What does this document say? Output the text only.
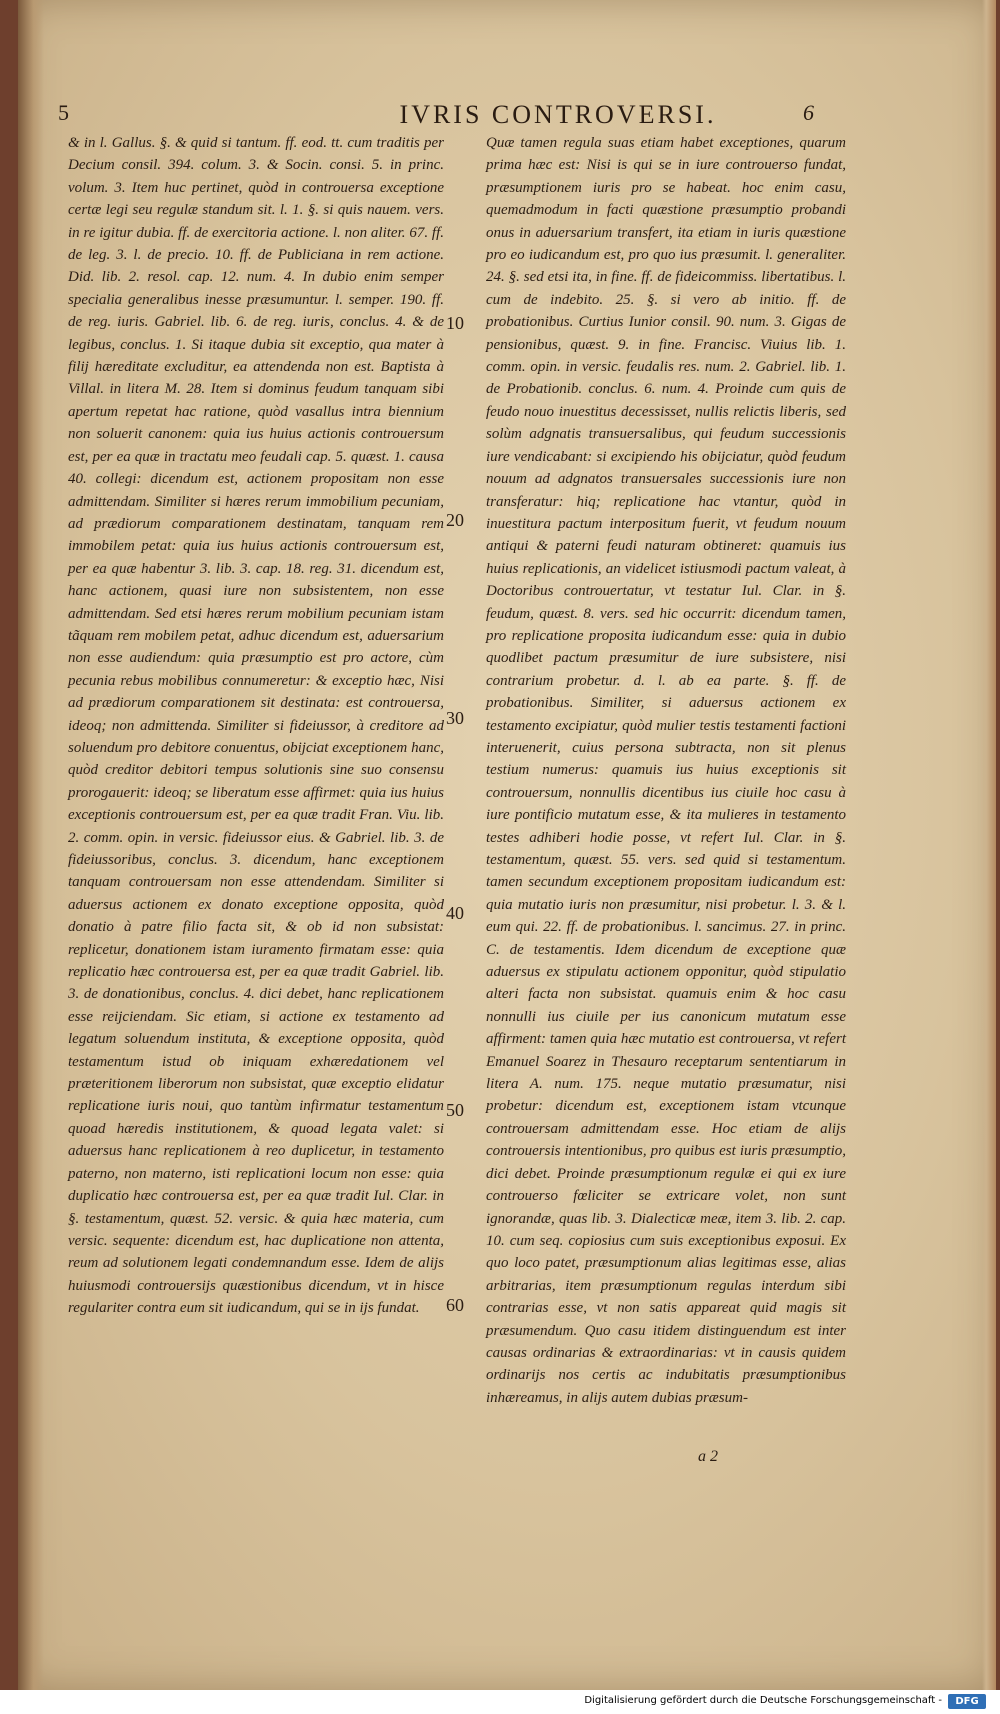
5	IVRIS CONTROVERSI.	6

& in l. Gallus. §. & quid si tantum. ff. eod. tt. cum traditis per Decium consil. 394. colum. 3. & Socin. consi. 5. in princ. volum. 3. Item huc pertinet, quòd in controuersa exceptione certæ legi seu regulæ standum sit. l. 1. §. si quis nauem. vers. in re igitur dubia. ff. de exercitoria actione. l. non aliter. 67. ff. de leg. 3. l. de precio. 10. ff. de Publiciana in rem actione. Did. lib. 2. resol. cap. 12. num. 4. In dubio enim semper specialia generalibus inesse præsumuntur. l. semper. 190. ff. de reg. iuris. Gabriel. lib. 6. de reg. iuris, conclus. 4. & de legibus, conclus. 1. Si itaque dubia sit exceptio, qua mater à filij hæreditate excluditur, ea attendenda non est. Baptista à Villal. in litera M. 28. Item si dominus feudum tanquam sibi apertum repetat hac ratione, quòd vasallus intra biennium non soluerit canonem: quia ius huius actionis controuersum est, per ea quæ in tractatu meo feudali cap. 5. quæst. 1. causa 40. collegi: dicendum est, actionem propositam non esse admittendam. Similiter si hæres rerum immobilium pecuniam, ad prædiorum comparationem destinatam, tanquam rem immobilem petat: quia ius huius actionis controuersum est, per ea quæ habentur 3. lib. 3. cap. 18. reg. 31. dicendum est, hanc actionem, quasi iure non subsistentem, non esse admittendam. Sed etsi hæres rerum mobilium pecuniam istam tãquam rem mobilem petat, adhuc dicendum est, aduersarium non esse audiendum: quia præsumptio est pro actore, cùm pecunia rebus mobilibus connumeretur: & exceptio hæc, Nisi ad prædiorum comparationem sit destinata: est controuersa, ideoq; non admittenda. Similiter si fideiussor, à creditore ad soluendum pro debitore conuentus, obijciat exceptionem hanc, quòd creditor debitori tempus solutionis sine suo consensu prorogauerit: ideoq; se liberatum esse affirmet: quia ius huius exceptionis controuersum est, per ea quæ tradit Fran. Viu. lib. 2. comm. opin. in versic. fideiussor eius. & Gabriel. lib. 3. de fideiussoribus, conclus. 3. dicendum, hanc exceptionem tanquam controuersam non esse attendendam. Similiter si aduersus actionem ex donato exceptione opposita, quòd donatio à patre filio facta sit, & ob id non subsistat: replicetur, donationem istam iuramento firmatam esse: quia replicatio hæc controuersa est, per ea quæ tradit Gabriel. lib. 3. de donationibus, conclus. 4. dici debet, hanc replicationem esse reijciendam. Sic etiam, si actione ex testamento ad legatum soluendum instituta, & exceptione opposita, quòd testamentum istud ob iniquam exhæredationem vel præteritionem liberorum non subsistat, quæ exceptio elidatur replicatione iuris noui, quo tantùm infirmatur testamentum quoad hæredis institutionem, & quoad legata valet: si aduersus hanc replicationem à reo duplicetur, in testamento paterno, non materno, isti replicationi locum non esse: quia duplicatio hæc controuersa est, per ea quæ tradit Iul. Clar. in §. testamentum, quæst. 52. versic. & quia hæc materia, cum versic. sequente: dicendum est, hac duplicatione non attenta, reum ad solutionem legati condemnandum esse. Idem de alijs huiusmodi controuersijs quæstionibus dicendum, vt in hisce regulariter contra eum sit iudicandum, qui se in ijs fundat.

10
20
30
40
50
60

Quæ tamen regula suas etiam habet exceptiones, quarum prima hæc est: Nisi is qui se in iure controuerso fundat, præsumptionem iuris pro se habeat. hoc enim casu, quemadmodum in facti quæstione præsumptio probandi onus in aduersarium transfert, ita etiam in iuris quæstione pro eo iudicandum est, pro quo ius præsumit. l. generaliter. 24. §. sed etsi ita, in fine. ff. de fideicommiss. libertatibus. l. cum de indebito. 25. §. si vero ab initio. ff. de probationibus. Curtius Iunior consil. 90. num. 3. Gigas de pensionibus, quæst. 9. in fine. Francisc. Viuius lib. 1. comm. opin. in versic. feudalis res. num. 2. Gabriel. lib. 1. de Probationib. conclus. 6. num. 4. Proinde cum quis de feudo nouo inuestitus decessisset, nullis relictis liberis, sed solùm adgnatis transuersalibus, qui feudum successionis iure vendicabant: si excipiendo his obijciatur, quòd feudum nouum ad adgnatos transuersales successionis iure non transferatur: hiq; replicatione hac vtantur, quòd in inuestitura pactum interpositum fuerit, vt feudum nouum antiqui & paterni feudi naturam obtineret: quamuis ius huius replicationis, an videlicet istiusmodi pactum valeat, à Doctoribus controuertatur, vt testatur Iul. Clar. in §. feudum, quæst. 8. vers. sed hic occurrit: dicendum tamen, pro replicatione proposita iudicandum esse: quia in dubio quodlibet pactum præsumitur de iure subsistere, nisi contrarium probetur. d. l. ab ea parte. §. ff. de probationibus. Similiter, si aduersus actionem ex testamento excipiatur, quòd mulier testis testamenti factioni interuenerit, cuius persona subtracta, non sit plenus testium numerus: quamuis ius huius exceptionis sit controuersum, nonnullis dicentibus ius ciuile hoc casu à iure pontificio mutatum esse, & ita mulieres in testamento testes adhiberi hodie posse, vt refert Iul. Clar. in §. testamentum, quæst. 55. vers. sed quid si testamentum. tamen secundum exceptionem propositam iudicandum est: quia mutatio iuris non præsumitur, nisi probetur. l. 3. & l. eum qui. 22. ff. de probationibus. l. sancimus. 27. in princ. C. de testamentis. Idem dicendum de exceptione quæ aduersus ex stipulatu actionem opponitur, quòd stipulatio alteri facta non subsistat. quamuis enim & hoc casu nonnulli ius ciuile per ius canonicum mutatum esse affirment: tamen quia hæc mutatio est controuersa, vt refert Emanuel Soarez in Thesauro receptarum sententiarum in litera A. num. 175. neque mutatio præsumatur, nisi probetur: dicendum est, exceptionem istam vtcunque controuersam admittendam esse. Hoc etiam de alijs controuersis intentionibus, pro quibus est iuris præsumptio, dici debet. Proinde præsumptionum regulæ ei qui ex iure controuerso fœliciter se extricare volet, non sunt ignorandæ, quas lib. 3. Dialecticæ meæ, item 3. lib. 2. cap. 10. cum seq. copiosius cum suis exceptionibus exposui. Ex quo loco patet, præsumptionum alias legitimas esse, alias arbitrarias, item præsumptionum regulas interdum sibi contrarias esse, vt non satis appareat quid magis sit præsumendum. Quo casu itidem distinguendum est inter causas ordinarias & extraordinarias: vt in causis quidem ordinarijs nos certis ac indubitatis præsumptionibus inhæreamus, in alijs autem dubias præsum-

a 2
Digitalisierung gefördert durch die Deutsche Forschungsgemeinschaft -	DFG
